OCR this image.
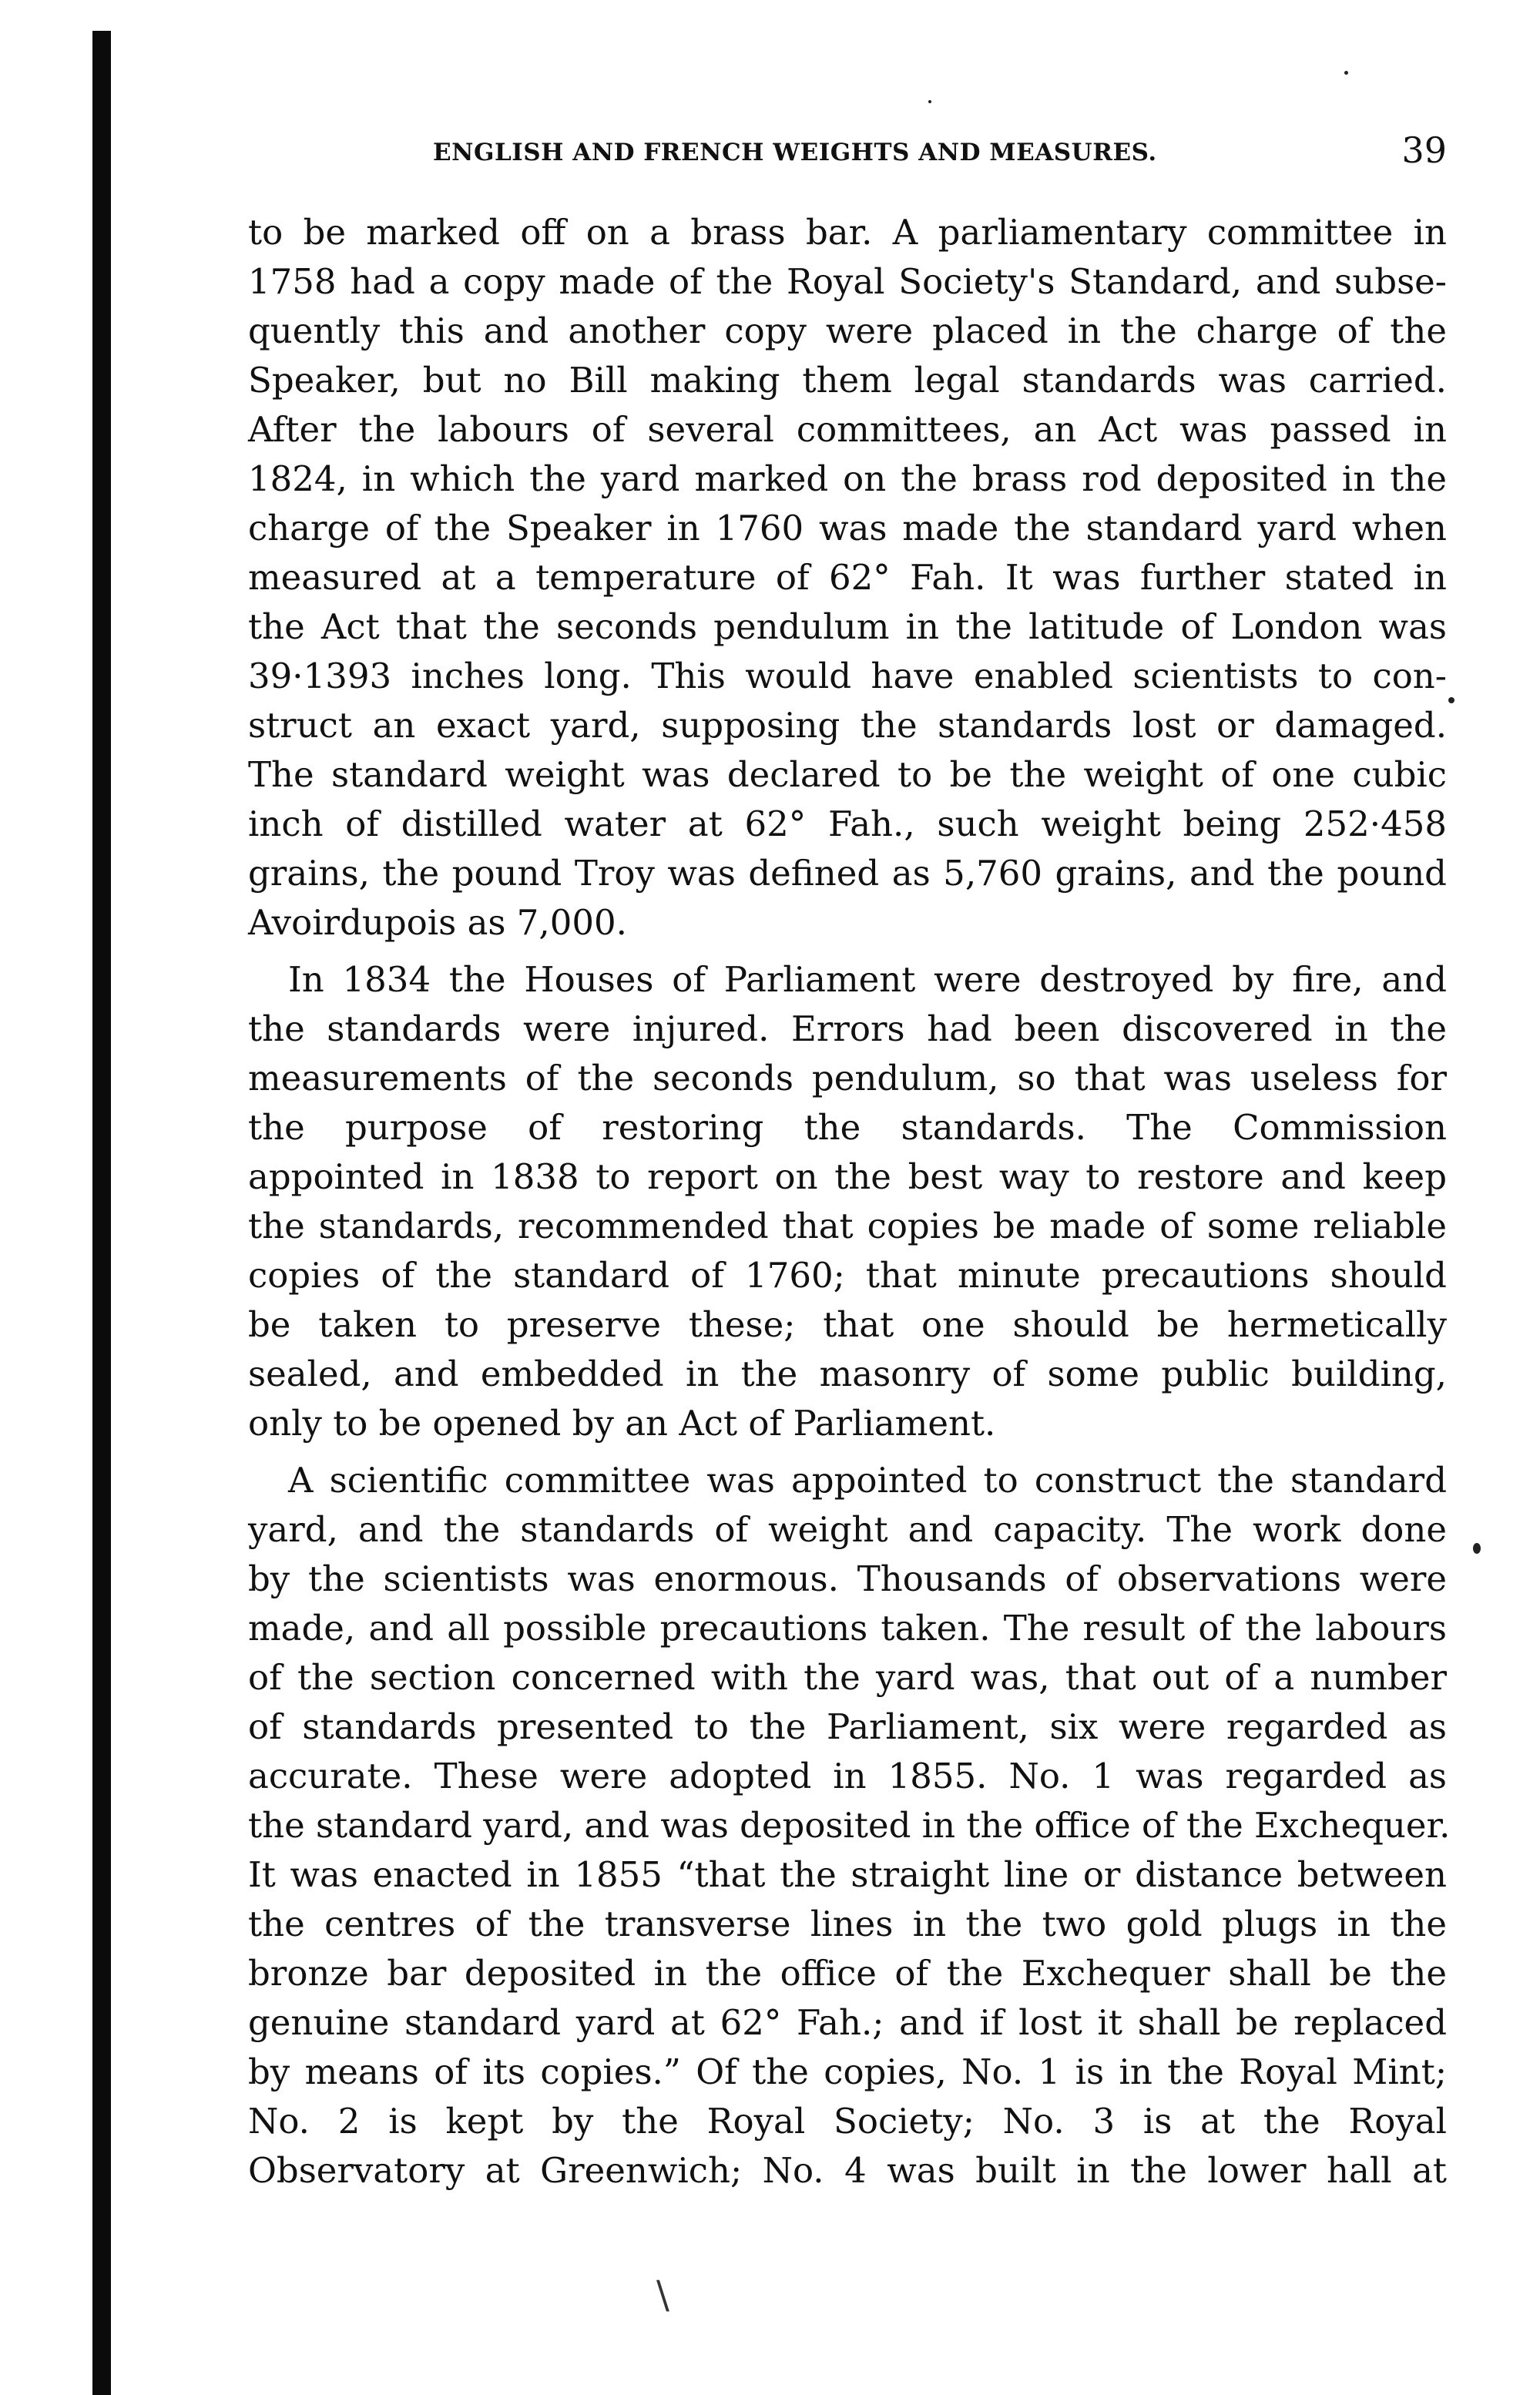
\
ENGLISH AND FRENCH WEIGHTS AND MEASURES.	39
to be marked off on a brass bar. A parliamentary committee in
1758 had a copy made of the Royal Society's Standard, and subse-
quently this and another copy were placed in the charge of the
Speaker, but no Bill making them legal standards was carried.
After the labours of several committees, an Act was passed in
1824, in which the yard marked on the brass rod deposited in the
charge of the Speaker in 1760 was made the standard yard when
measured at a temperature of 62° Fah. It was further stated in
the Act that the seconds pendulum in the latitude of London was
39·1393 inches long. This would have enabled scientists to con-
struct an exact yard, supposing the standards lost or damaged.
The standard weight was declared to be the weight of one cubic
inch of distilled water at 62° Fah., such weight being 252·458
grains, the pound Troy was defined as 5,760 grains, and the pound
Avoirdupois as 7,000.
In 1834 the Houses of Parliament were destroyed by fire, and
the standards were injured. Errors had been discovered in the
measurements of the seconds pendulum, so that was useless for
the purpose of restoring the standards. The Commission
appointed in 1838 to report on the best way to restore and keep
the standards, recommended that copies be made of some reliable
copies of the standard of 1760; that minute precautions should
be taken to preserve these; that one should be hermetically
sealed, and embedded in the masonry of some public building,
only to be opened by an Act of Parliament.
A scientific committee was appointed to construct the standard
yard, and the standards of weight and capacity. The work done
by the scientists was enormous. Thousands of observations were
made, and all possible precautions taken. The result of the labours
of the section concerned with the yard was, that out of a number
of standards presented to the Parliament, six were regarded as
accurate. These were adopted in 1855. No. 1 was regarded as
the standard yard, and was deposited in the office of the Exchequer.
It was enacted in 1855 “that the straight line or distance between
the centres of the transverse lines in the two gold plugs in the
bronze bar deposited in the office of the Exchequer shall be the
genuine standard yard at 62° Fah.; and if lost it shall be replaced
by means of its copies.” Of the copies, No. 1 is in the Royal Mint;
No. 2 is kept by the Royal Society; No. 3 is at the Royal
Observatory at Greenwich; No. 4 was built in the lower hall at
